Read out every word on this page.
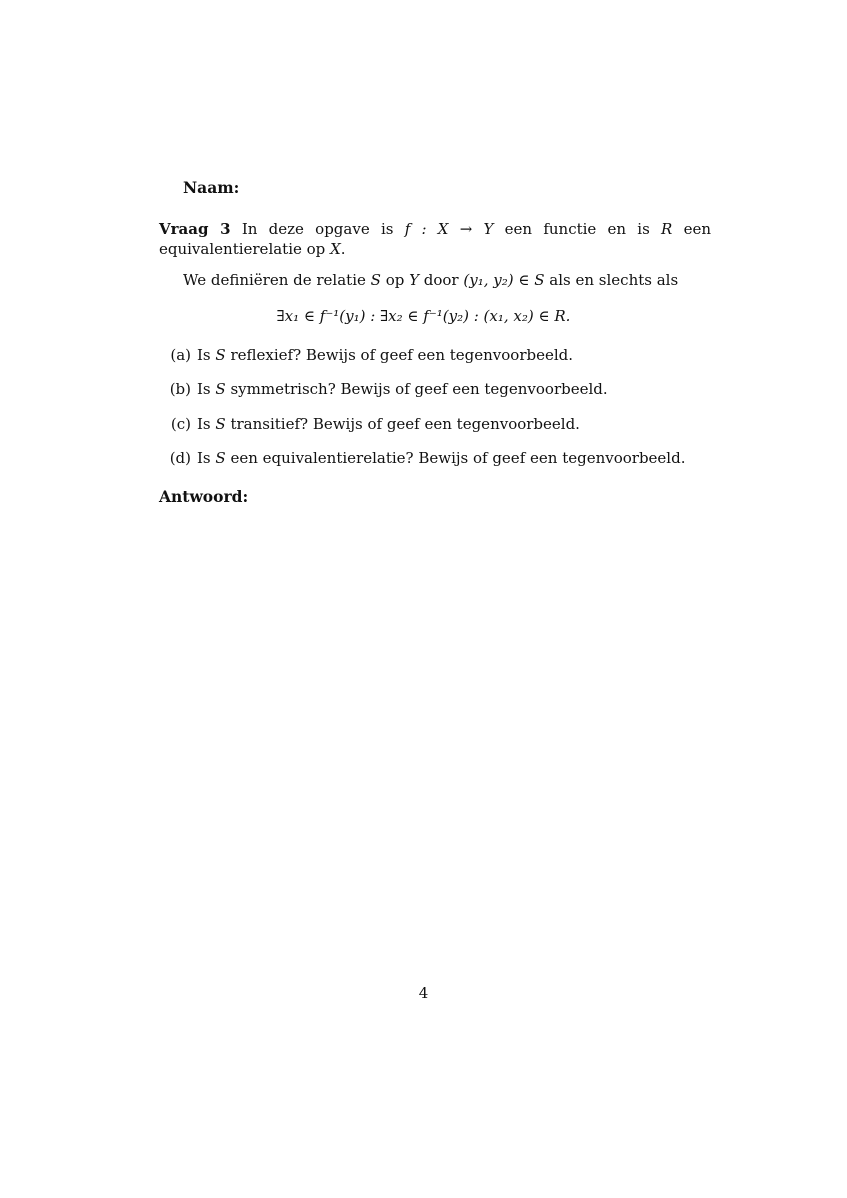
Naam:
Vraag 3 In deze opgave is f : X → Y een functie en is R een equivalentierelatie op X.
We definiëren de relatie S op Y door (y₁, y₂) ∈ S als en slechts als
∃x₁ ∈ f⁻¹(y₁) : ∃x₂ ∈ f⁻¹(y₂) : (x₁, x₂) ∈ R.
(a) Is S reflexief? Bewijs of geef een tegenvoorbeeld.
(b) Is S symmetrisch? Bewijs of geef een tegenvoorbeeld.
(c) Is S transitief? Bewijs of geef een tegenvoorbeeld.
(d) Is S een equivalentierelatie? Bewijs of geef een tegenvoorbeeld.
Antwoord:
4
